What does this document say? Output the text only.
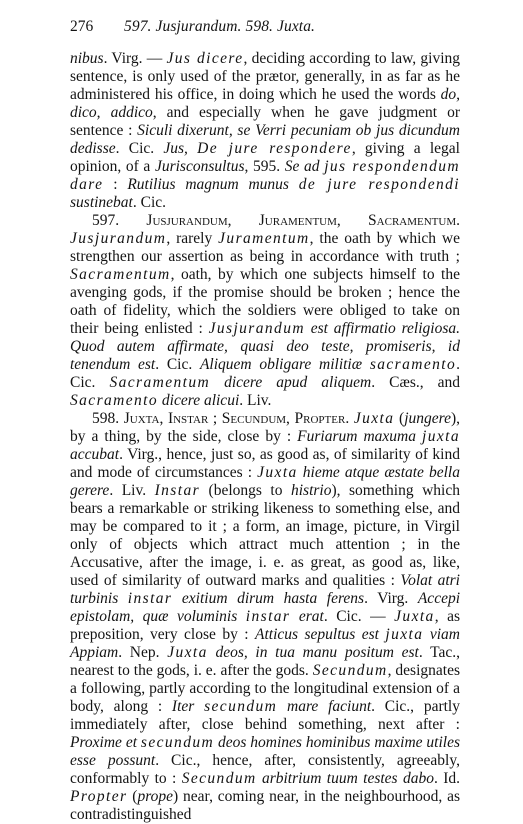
276	597. Jusjurandum. 598. Juxta.

nibus. Virg. — Jus dicere, deciding according to law, giving sentence, is only used of the prætor, generally, in as far as he administered his office, in doing which he used the words do, dico, addico, and especially when he gave judgment or sentence : Siculi dixerunt, se Verri pecuniam ob jus dicundum dedisse. Cic. Jus, De jure respondere, giving a legal opinion, of a Jurisconsultus, 595. Se ad jus respondendum dare : Rutilius magnum munus de jure respondendi sustinebat. Cic.

597. Jusjurandum, Juramentum, Sacramentum. Jusjurandum, rarely Juramentum, the oath by which we strengthen our assertion as being in accordance with truth ; Sacramentum, oath, by which one subjects himself to the avenging gods, if the promise should be broken ; hence the oath of fidelity, which the soldiers were obliged to take on their being enlisted : Jusjurandum est affirmatio religiosa. Quod autem affirmate, quasi deo teste, promiseris, id tenendum est. Cic. Aliquem obligare militiæ sacramento. Cic. Sacramentum dicere apud aliquem. Cæs., and Sacramento dicere alicui. Liv.

598. Juxta, Instar ; Secundum, Propter. Juxta (jungere), by a thing, by the side, close by : Furiarum maxuma juxta accubat. Virg., hence, just so, as good as, of similarity of kind and mode of circumstances : Juxta hieme atque æstate bella gerere. Liv. Instar (belongs to histrio), something which bears a remarkable or striking likeness to something else, and may be compared to it ; a form, an image, picture, in Virgil only of objects which attract much attention ; in the Accusative, after the image, i. e. as great, as good as, like, used of similarity of outward marks and qualities : Volat atri turbinis instar exitium dirum hasta ferens. Virg. Accepi epistolam, quæ voluminis instar erat. Cic. — Juxta, as preposition, very close by : Atticus sepultus est juxta viam Appiam. Nep. Juxta deos, in tua manu positum est. Tac., nearest to the gods, i. e. after the gods. Secundum, designates a following, partly according to the longitudinal extension of a body, along : Iter secundum mare faciunt. Cic., partly immediately after, close behind something, next after : Proxime et secundum deos homines hominibus maxime utiles esse possunt. Cic., hence, after, consistently, agreeably, conformably to : Secundum arbitrium tuum testes dabo. Id. Propter (prope) near, coming near, in the neighbourhood, as contradistinguished
